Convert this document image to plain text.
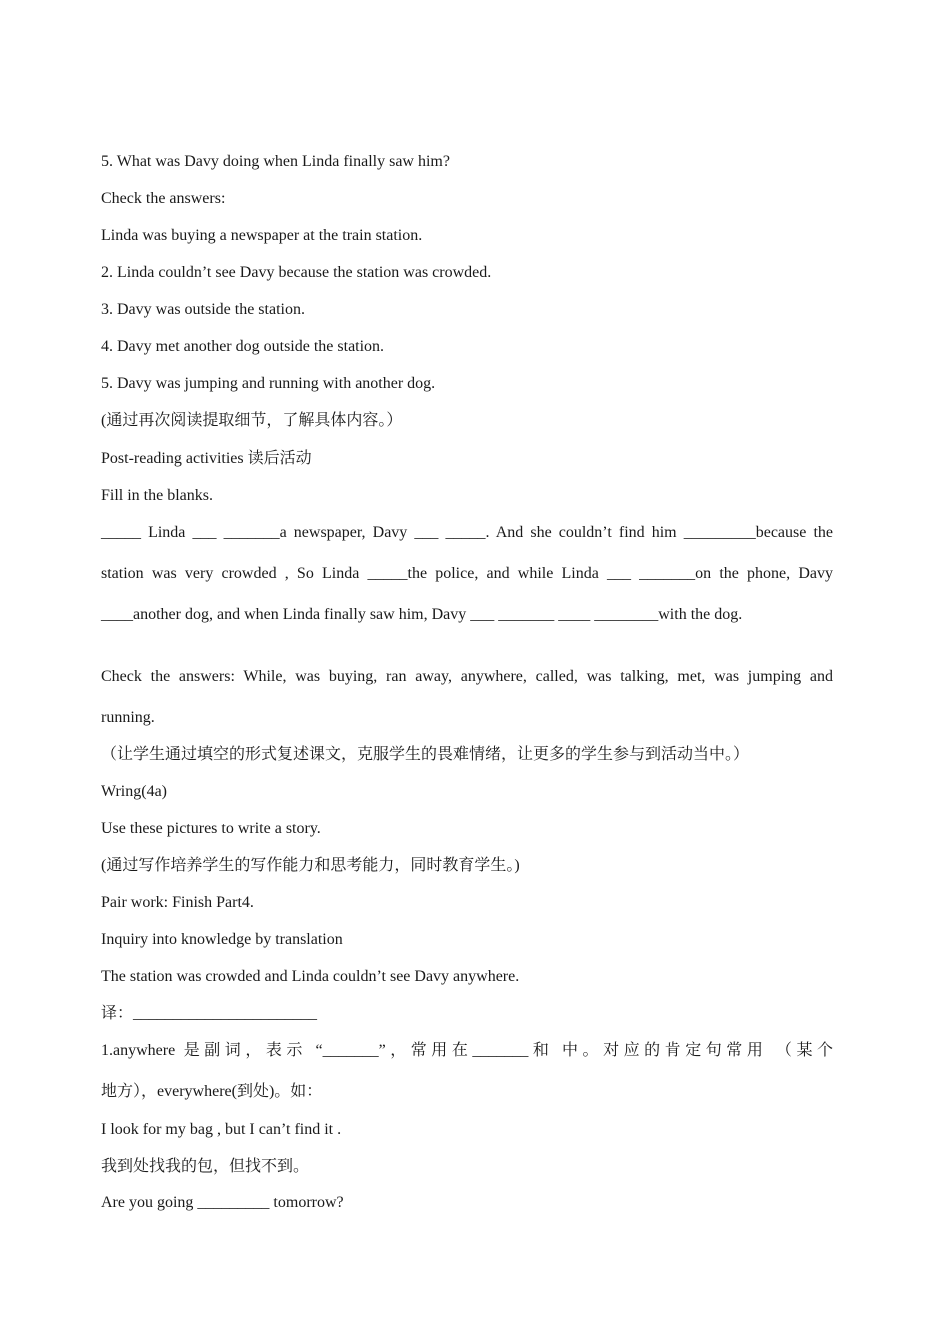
5. What was Davy doing when Linda finally saw him?
Check the answers:
Linda was buying a newspaper at the train station.
2. Linda couldn’t see Davy because the station was crowded.
3. Davy was outside the station.
4. Davy met another dog outside the station.
5. Davy was jumping and running with another dog.
(通过再次阅读提取细节，了解具体内容。）
Post-reading activities 读后活动
Fill in the blanks.
_____ Linda ___ _______a newspaper, Davy ___ _____. And she couldn’t find him _________because the
station was very crowded , So Linda _____the police, and while Linda ___ _______on the phone, Davy
____another dog, and when Linda finally saw him, Davy ___ _______ ____ ________with the dog.
Check the answers: While, was buying, ran away, anywhere, called, was talking, met, was jumping and
running.
（让学生通过填空的形式复述课文，克服学生的畏难情绪，让更多的学生参与到活动当中。）
Wring(4a)
Use these pictures to write a story.
(通过写作培养学生的写作能力和思考能力，同时教育学生。)
Pair work: Finish Part4.
Inquiry into knowledge by translation
The station was crowded and Linda couldn’t see Davy anywhere.
译：_______________________
1.anywhere 是副词，表示 “_______”，常用在_______和 中。对应的肯定句常用 （某个
地方），everywhere(到处)。如：
I look for my bag , but I can’t find it .
我到处找我的包，但找不到。
Are you going _________ tomorrow?
